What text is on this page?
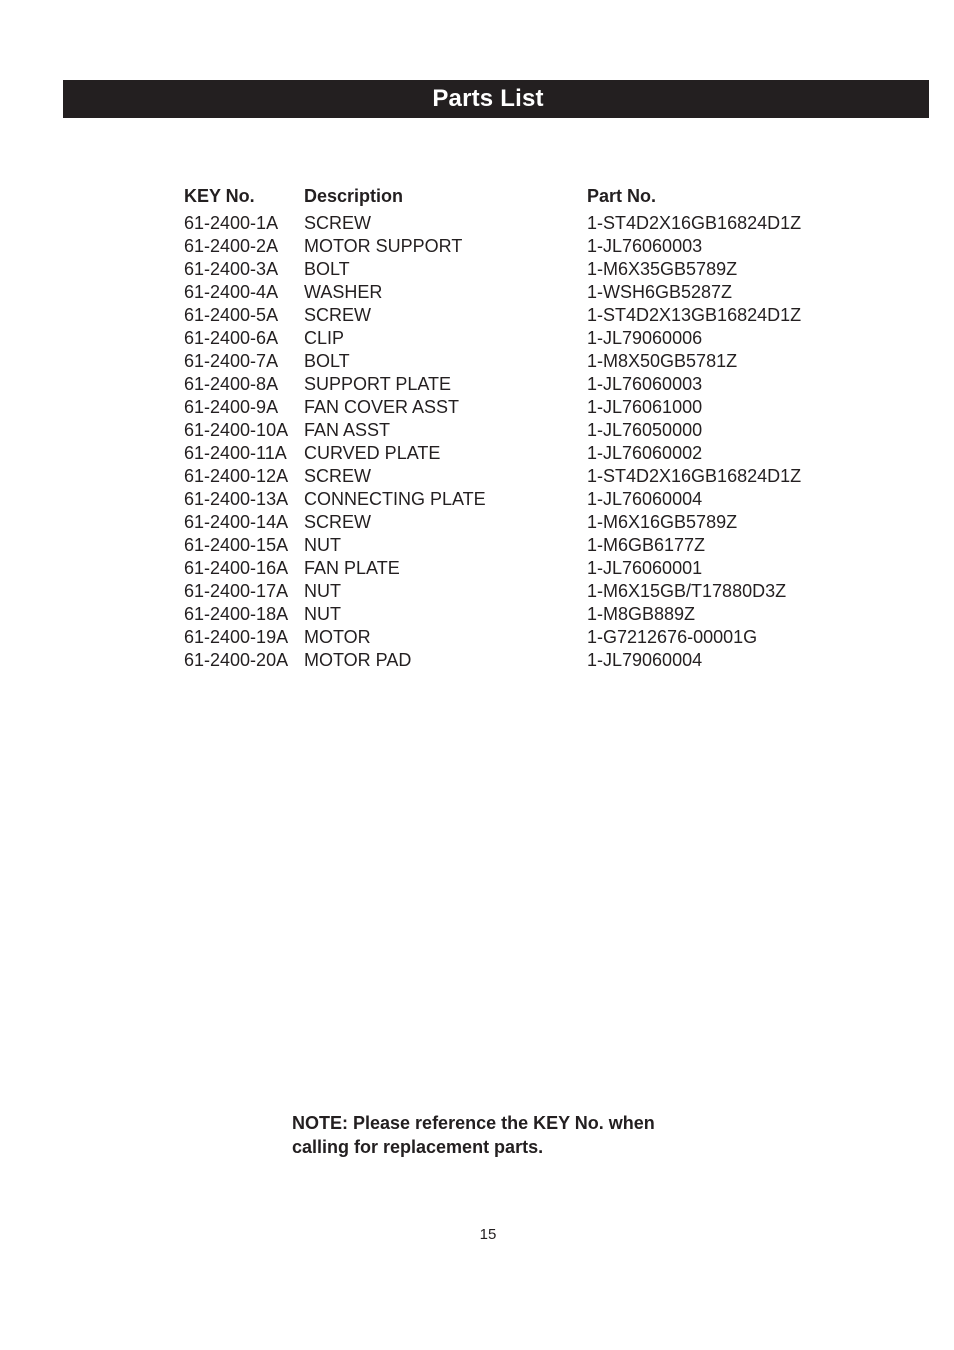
Parts List
KEY No.	Description	Part No.
61-2400-1A	SCREW	1-ST4D2X16GB16824D1Z
61-2400-2A	MOTOR SUPPORT	1-JL76060003
61-2400-3A	BOLT	1-M6X35GB5789Z
61-2400-4A	WASHER	1-WSH6GB5287Z
61-2400-5A	SCREW	1-ST4D2X13GB16824D1Z
61-2400-6A	CLIP	1-JL79060006
61-2400-7A	BOLT	1-M8X50GB5781Z
61-2400-8A	SUPPORT PLATE	1-JL76060003
61-2400-9A	FAN COVER ASST	1-JL76061000
61-2400-10A	FAN ASST	1-JL76050000
61-2400-11A	CURVED PLATE	1-JL76060002
61-2400-12A	SCREW	1-ST4D2X16GB16824D1Z
61-2400-13A	CONNECTING PLATE	1-JL76060004
61-2400-14A	SCREW	1-M6X16GB5789Z
61-2400-15A	NUT	1-M6GB6177Z
61-2400-16A	FAN PLATE	1-JL76060001
61-2400-17A	NUT	1-M6X15GB/T17880D3Z
61-2400-18A	NUT	1-M8GB889Z
61-2400-19A	MOTOR	1-G7212676-00001G
61-2400-20A	MOTOR PAD	1-JL79060004

NOTE: Please reference the KEY No. when

calling for replacement parts.

15
